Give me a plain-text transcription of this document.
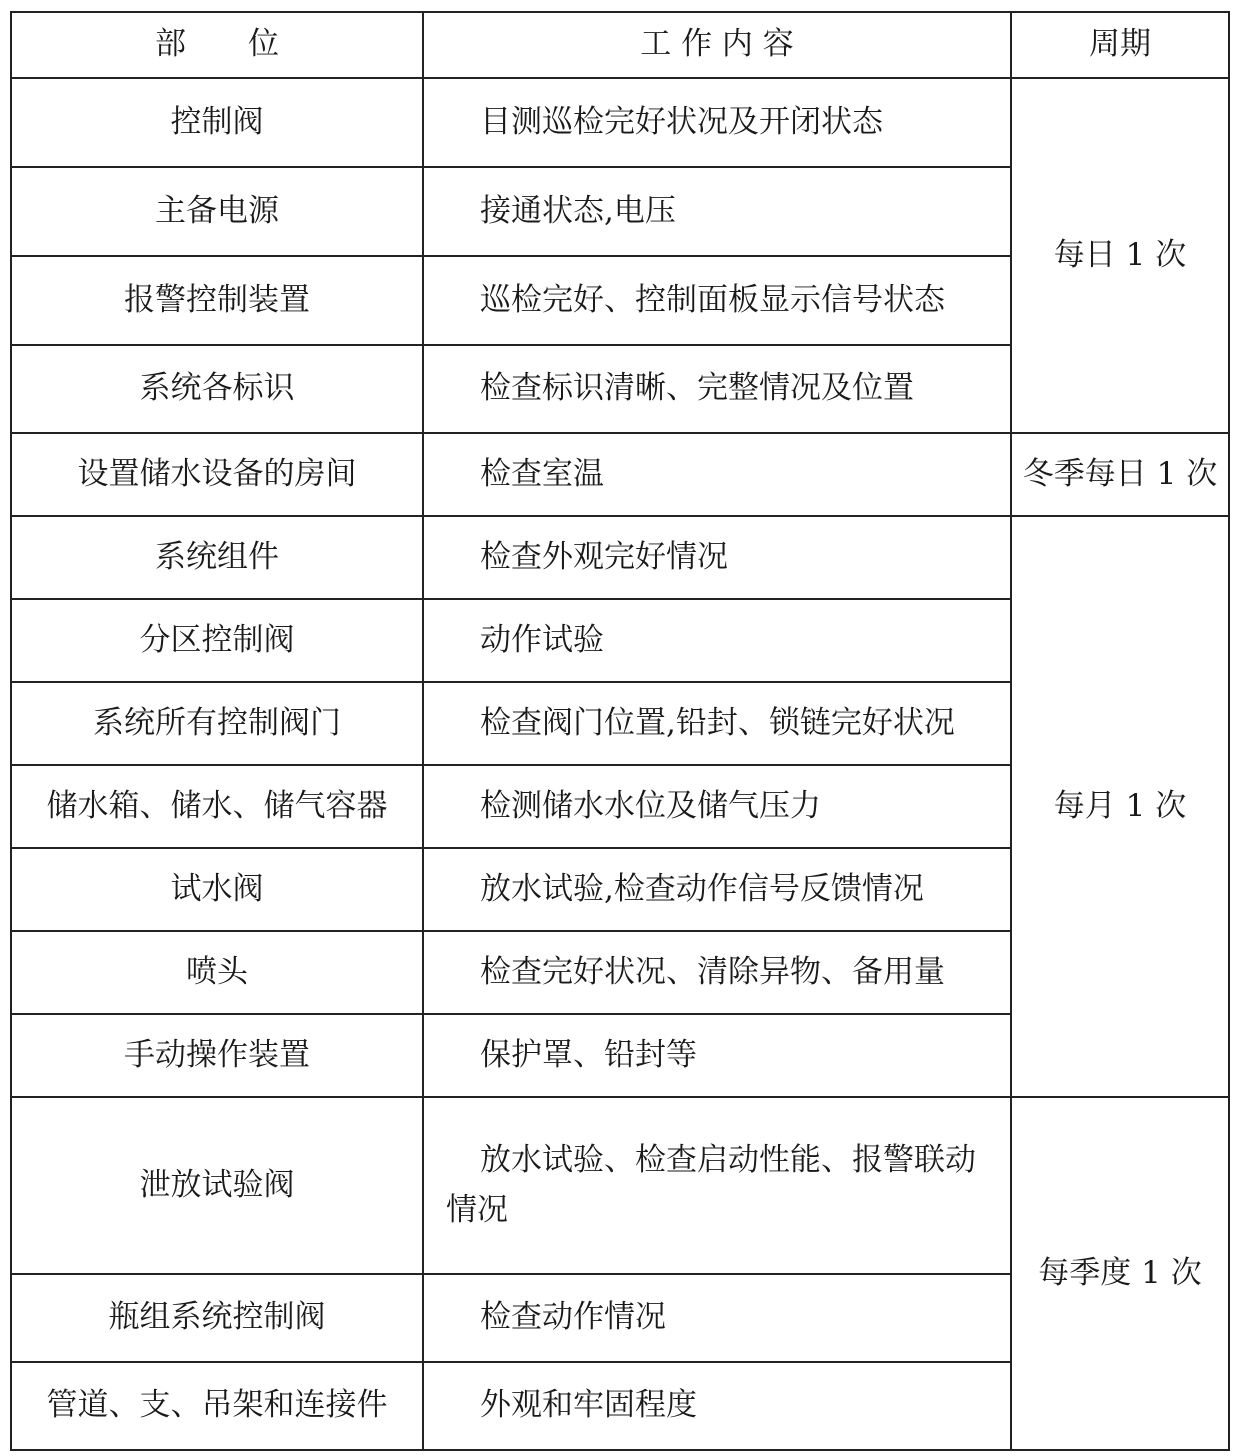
部　　位	工 作 内 容	周期
控制阀	目测巡检完好状况及开闭状态	每日 1 次
主备电源	接通状态,电压	

报警控制装置	巡检完好、控制面板显示信号状态	

系统各标识	检查标识清晰、完整情况及位置	

设置储水设备的房间	检查室温	冬季每日 1 次
系统组件	检查外观完好情况	每月 1 次
分区控制阀	动作试验	

系统所有控制阀门	检查阀门位置,铅封、锁链完好状况	

储水箱、储水、储气容器	检测储水水位及储气压力	

试水阀	放水试验,检查动作信号反馈情况	

喷头	检查完好状况、清除异物、备用量	

手动操作装置	保护罩、铅封等	

泄放试验阀	放水试验、检查启动性能、报警联动情况	每季度 1 次
瓶组系统控制阀	检查动作情况	

管道、支、吊架和连接件	外观和牢固程度	
